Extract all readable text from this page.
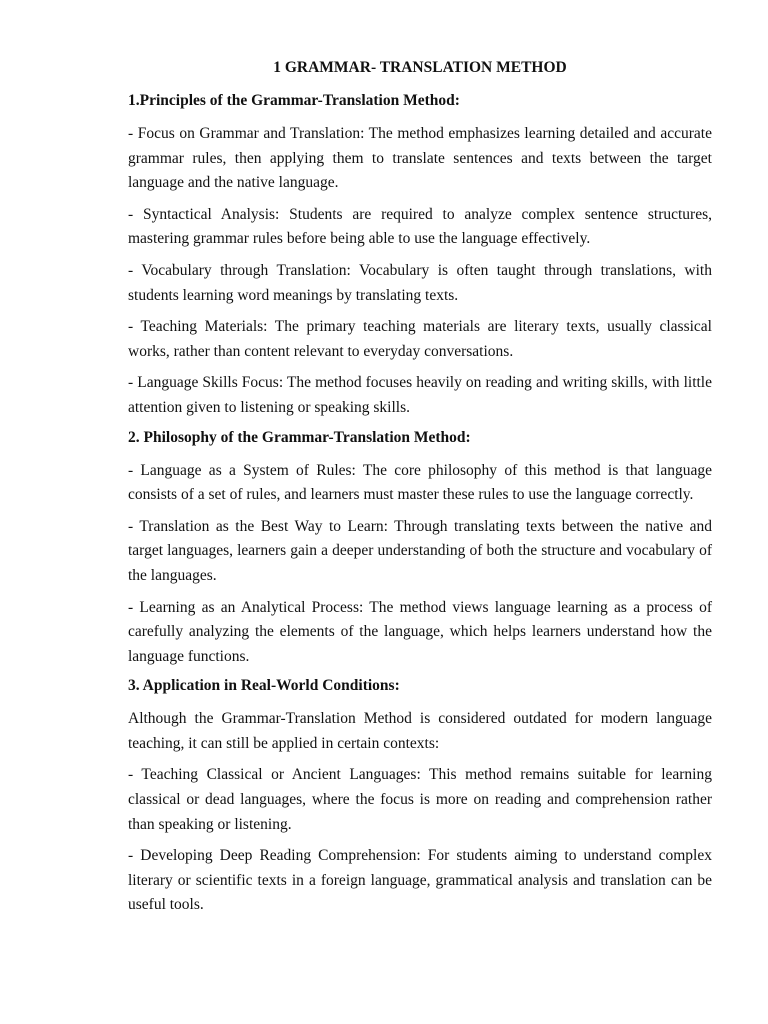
1 GRAMMAR- TRANSLATION METHOD
1.Principles of the Grammar-Translation Method:

- Focus on Grammar and Translation: The method emphasizes learning detailed and accurate grammar rules, then applying them to translate sentences and texts between the target language and the native language.

- Syntactical Analysis: Students are required to analyze complex sentence structures, mastering grammar rules before being able to use the language effectively.

- Vocabulary through Translation: Vocabulary is often taught through translations, with students learning word meanings by translating texts.

- Teaching Materials: The primary teaching materials are literary texts, usually classical works, rather than content relevant to everyday conversations.

- Language Skills Focus: The method focuses heavily on reading and writing skills, with little attention given to listening or speaking skills.

2. Philosophy of the Grammar-Translation Method:

- Language as a System of Rules: The core philosophy of this method is that language consists of a set of rules, and learners must master these rules to use the language correctly.

- Translation as the Best Way to Learn: Through translating texts between the native and target languages, learners gain a deeper understanding of both the structure and vocabulary of the languages.

- Learning as an Analytical Process: The method views language learning as a process of carefully analyzing the elements of the language, which helps learners understand how the language functions.

3. Application in Real-World Conditions:

Although the Grammar-Translation Method is considered outdated for modern language teaching, it can still be applied in certain contexts:

- Teaching Classical or Ancient Languages: This method remains suitable for learning classical or dead languages, where the focus is more on reading and comprehension rather than speaking or listening.

- Developing Deep Reading Comprehension: For students aiming to understand complex literary or scientific texts in a foreign language, grammatical analysis and translation can be useful tools.
